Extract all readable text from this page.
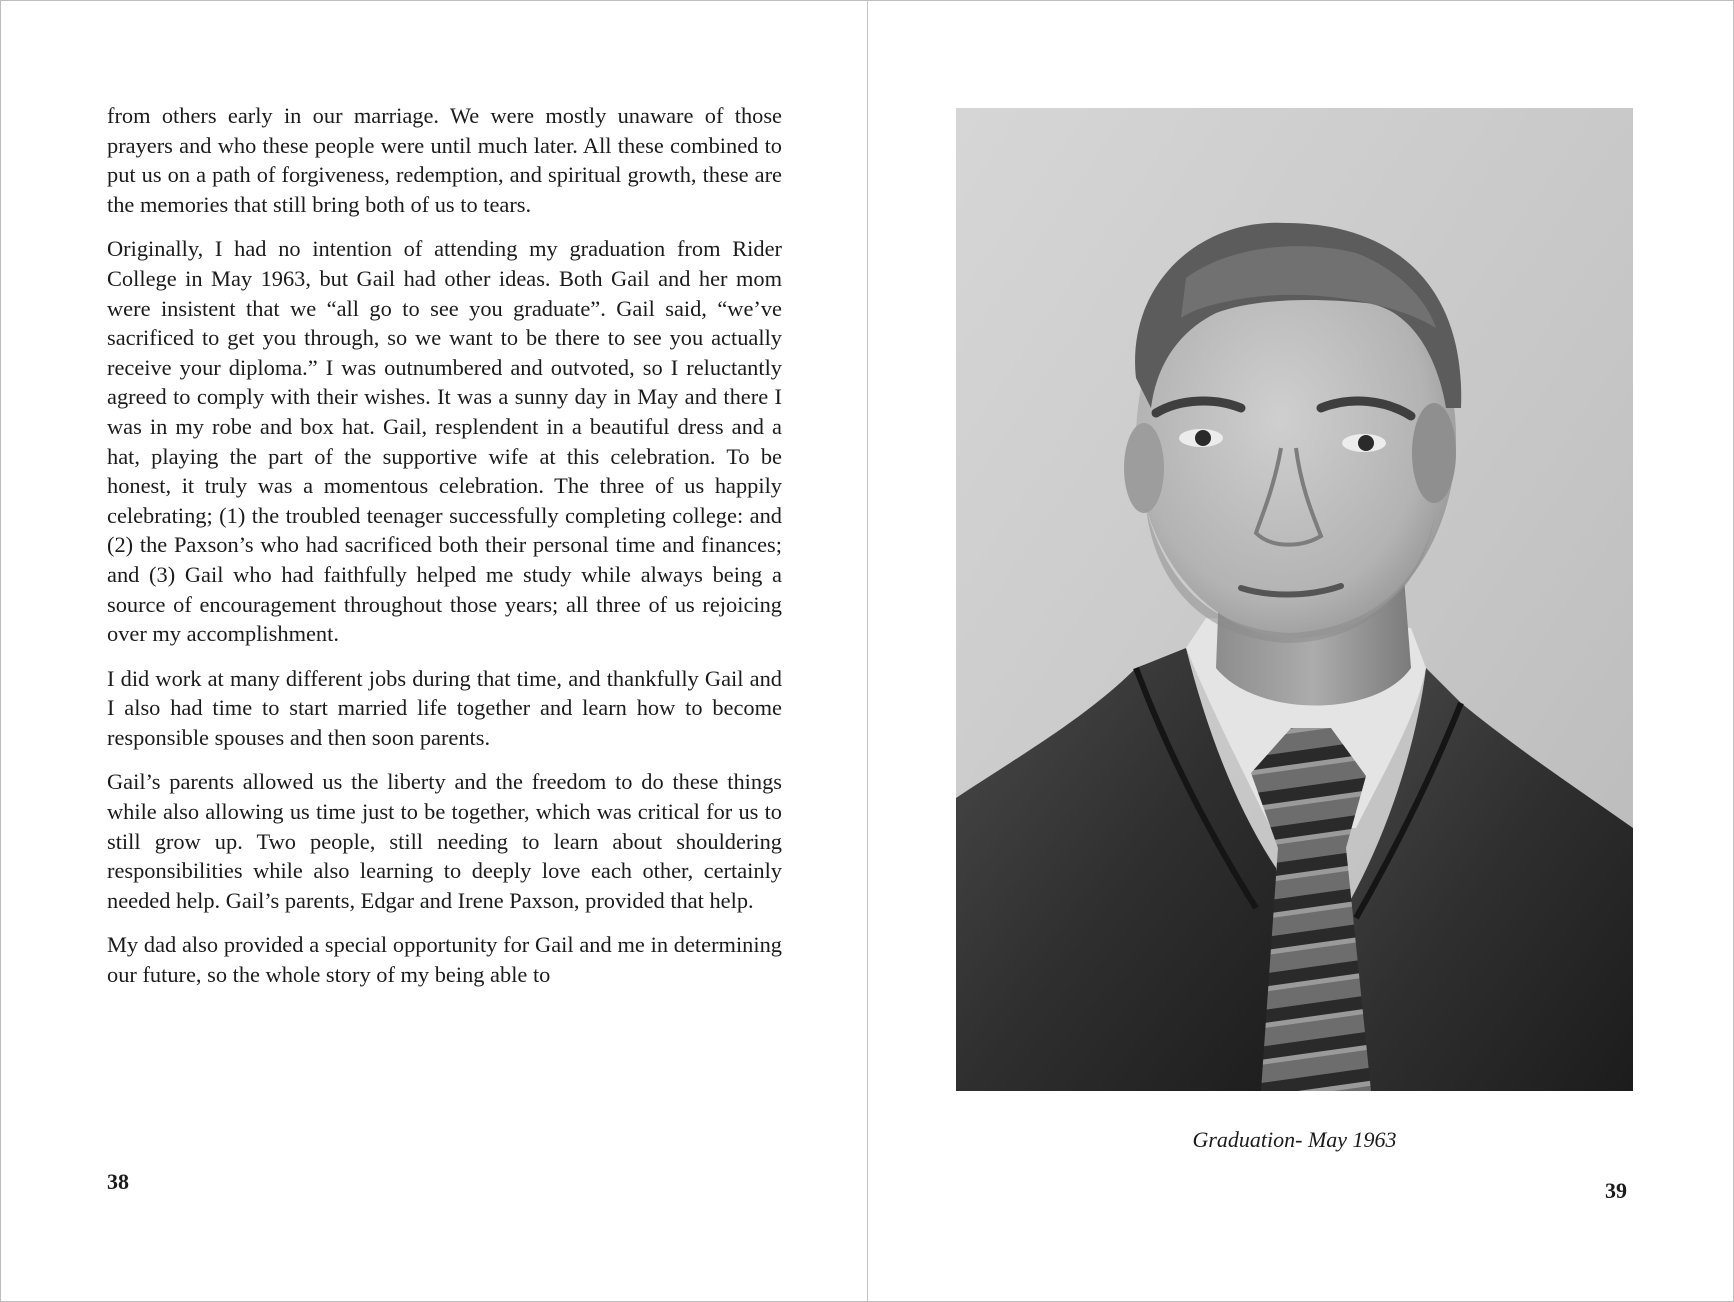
from others early in our marriage. We were mostly unaware of those prayers and who these people were until much later. All these combined to put us on a path of forgiveness, redemption, and spiritual growth, these are the memories that still bring both of us to tears.

Originally, I had no intention of attending my graduation from Rider College in May 1963, but Gail had other ideas. Both Gail and her mom were insistent that we “all go to see you graduate”. Gail said, “we’ve sacrificed to get you through, so we want to be there to see you actually receive your diploma.” I was outnumbered and outvoted, so I reluctantly agreed to comply with their wishes. It was a sunny day in May and there I was in my robe and box hat. Gail, resplendent in a beautiful dress and a hat, playing the part of the supportive wife at this celebration. To be honest, it truly was a momentous celebration. The three of us happily celebrating; (1) the troubled teenager successfully completing college: and (2) the Paxson’s who had sacrificed both their personal time and finances; and (3) Gail who had faithfully helped me study while always being a source of encouragement throughout those years; all three of us rejoicing over my accomplishment.

I did work at many different jobs during that time, and thankfully Gail and I also had time to start married life together and learn how to become responsible spouses and then soon parents.

Gail’s parents allowed us the liberty and the freedom to do these things while also allowing us time just to be together, which was critical for us to still grow up. Two people, still needing to learn about shouldering responsibilities while also learning to deeply love each other, certainly needed help. Gail’s parents, Edgar and Irene Paxson, provided that help.

My dad also provided a special opportunity for Gail and me in determining our future, so the whole story of my being able to

38
Graduation- May 1963
39
